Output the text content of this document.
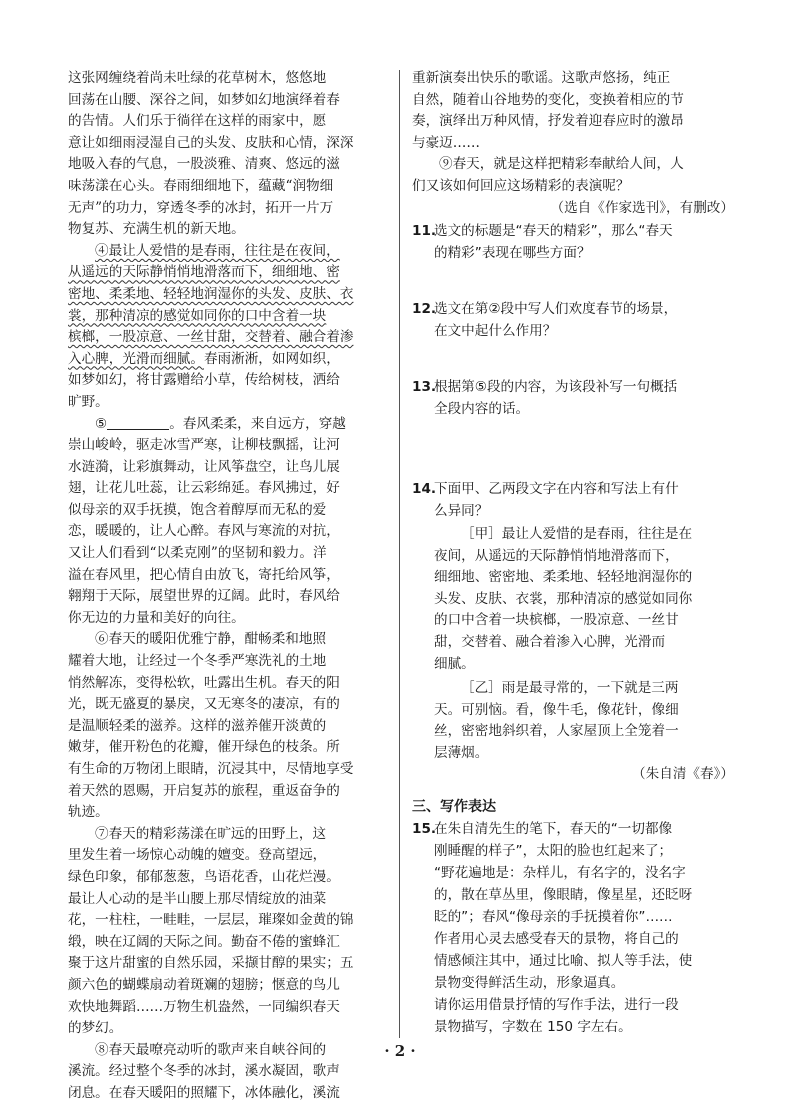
这张网缠绕着尚未吐绿的花草树木，悠悠地
回荡在山腰、深谷之间，如梦如幻地演绎着春
的告情。人们乐于徜徉在这样的雨家中，愿
意让如细雨浸湿自己的头发、皮肤和心情，深深
地吸入春的气息，一股淡雅、清爽、悠远的滋
味荡漾在心头。春雨细细地下，蕴藏“润物细
无声”的功力，穿透冬季的冰封，拓开一片万
物复苏、充满生机的新天地。
④最让人爱惜的是春雨，往往是在夜间，
从遥远的天际静悄悄地滑落而下，细细地、密
密地、柔柔地、轻轻地润湿你的头发、皮肤、衣
裳，那种清凉的感觉如同你的口中含着一块
槟榔，一股凉意、一丝甘甜，交替着、融合着渗
入心脾，光滑而细腻。春雨淅淅，如网如织，
如梦如幻，将甘露赠给小草，传给树枝，洒给
旷野。
⑤	。春风柔柔，来自远方，穿越
崇山峻岭，驱走冰雪严寒，让柳枝飘摇，让河
水涟漪，让彩旗舞动，让风筝盘空，让鸟儿展
翅，让花儿吐蕊，让云彩绵延。春风拂过，好
似母亲的双手抚摸，饱含着醇厚而无私的爱
恋，暖暖的，让人心醉。春风与寒流的对抗，
又让人们看到“以柔克刚”的坚韧和毅力。洋
溢在春风里，把心情自由放飞，寄托给风筝，
翱翔于天际，展望世界的辽阔。此时，春风给
你无边的力量和美好的向往。
⑥春天的暖阳优雅宁静，酣畅柔和地照
耀着大地，让经过一个冬季严寒洗礼的土地
悄然解冻，变得松软，吐露出生机。春天的阳
光，既无盛夏的暴戾，又无寒冬的凄凉，有的
是温顺轻柔的滋养。这样的滋养催开淡黄的
嫩芽，催开粉色的花瓣，催开绿色的枝条。所
有生命的万物闭上眼睛，沉浸其中，尽情地享受
着天然的恩赐，开启复苏的旅程，重返奋争的
轨迹。
⑦春天的精彩荡漾在旷远的田野上，这
里发生着一场惊心动魄的嬗变。登高望远，
绿色印象，郁郁葱葱，鸟语花香，山花烂漫。
最让人心动的是半山腰上那尽情绽放的油菜
花，一柱柱，一畦畦，一层层，璀璨如金黄的锦
缎，映在辽阔的天际之间。勤奋不倦的蜜蜂汇
聚于这片甜蜜的自然乐园，采撷甘醇的果实；五
颜六色的蝴蝶扇动着斑斓的翅膀；惬意的鸟儿
欢快地舞蹈……万物生机盎然，一同编织春天
的梦幻。
⑧春天最嘹亮动听的歌声来自峡谷间的
溪流。经过整个冬季的冰封，溪水凝固，歌声
闭息。在春天暖阳的照耀下，冰体融化，溪流
重新演奏出快乐的歌谣。这歌声悠扬，纯正
自然，随着山谷地势的变化，变换着相应的节
奏，演绎出万种风情，抒发着迎春应时的激昂
与豪迈……
⑨春天，就是这样把精彩奉献给人间，人
们又该如何回应这场精彩的表演呢？
（选自《作家选刊》，有删改）
11.选文的标题是“春天的精彩”，那么“春天
的精彩”表现在哪些方面？
12.选文在第②段中写人们欢度春节的场景，
在文中起什么作用？
13.根据第⑤段的内容，为该段补写一句概括
全段内容的话。
14.下面甲、乙两段文字在内容和写法上有什
么异同？
［甲］最让人爱惜的是春雨，往往是在
夜间，从遥远的天际静悄悄地滑落而下，
细细地、密密地、柔柔地、轻轻地润湿你的
头发、皮肤、衣裳，那种清凉的感觉如同你
的口中含着一块槟榔，一股凉意、一丝甘
甜，交替着、融合着渗入心脾，光滑而
细腻。
［乙］雨是最寻常的，一下就是三两
天。可别恼。看，像牛毛，像花针，像细
丝，密密地斜织着，人家屋顶上全笼着一
层薄烟。
（朱自清《春》）
三、写作表达
15.在朱自清先生的笔下，春天的“一切都像
刚睡醒的样子”，太阳的脸也红起来了；
“野花遍地是：杂样儿，有名字的，没名字
的，散在草丛里，像眼睛，像星星，还眨呀
眨的”；春风“像母亲的手抚摸着你”……
作者用心灵去感受春天的景物，将自己的
情感倾注其中，通过比喻、拟人等手法，使
景物变得鲜活生动，形象逼真。
请你运用借景抒情的写作手法，进行一段
景物描写，字数在 150 字左右。
· 2 ·
